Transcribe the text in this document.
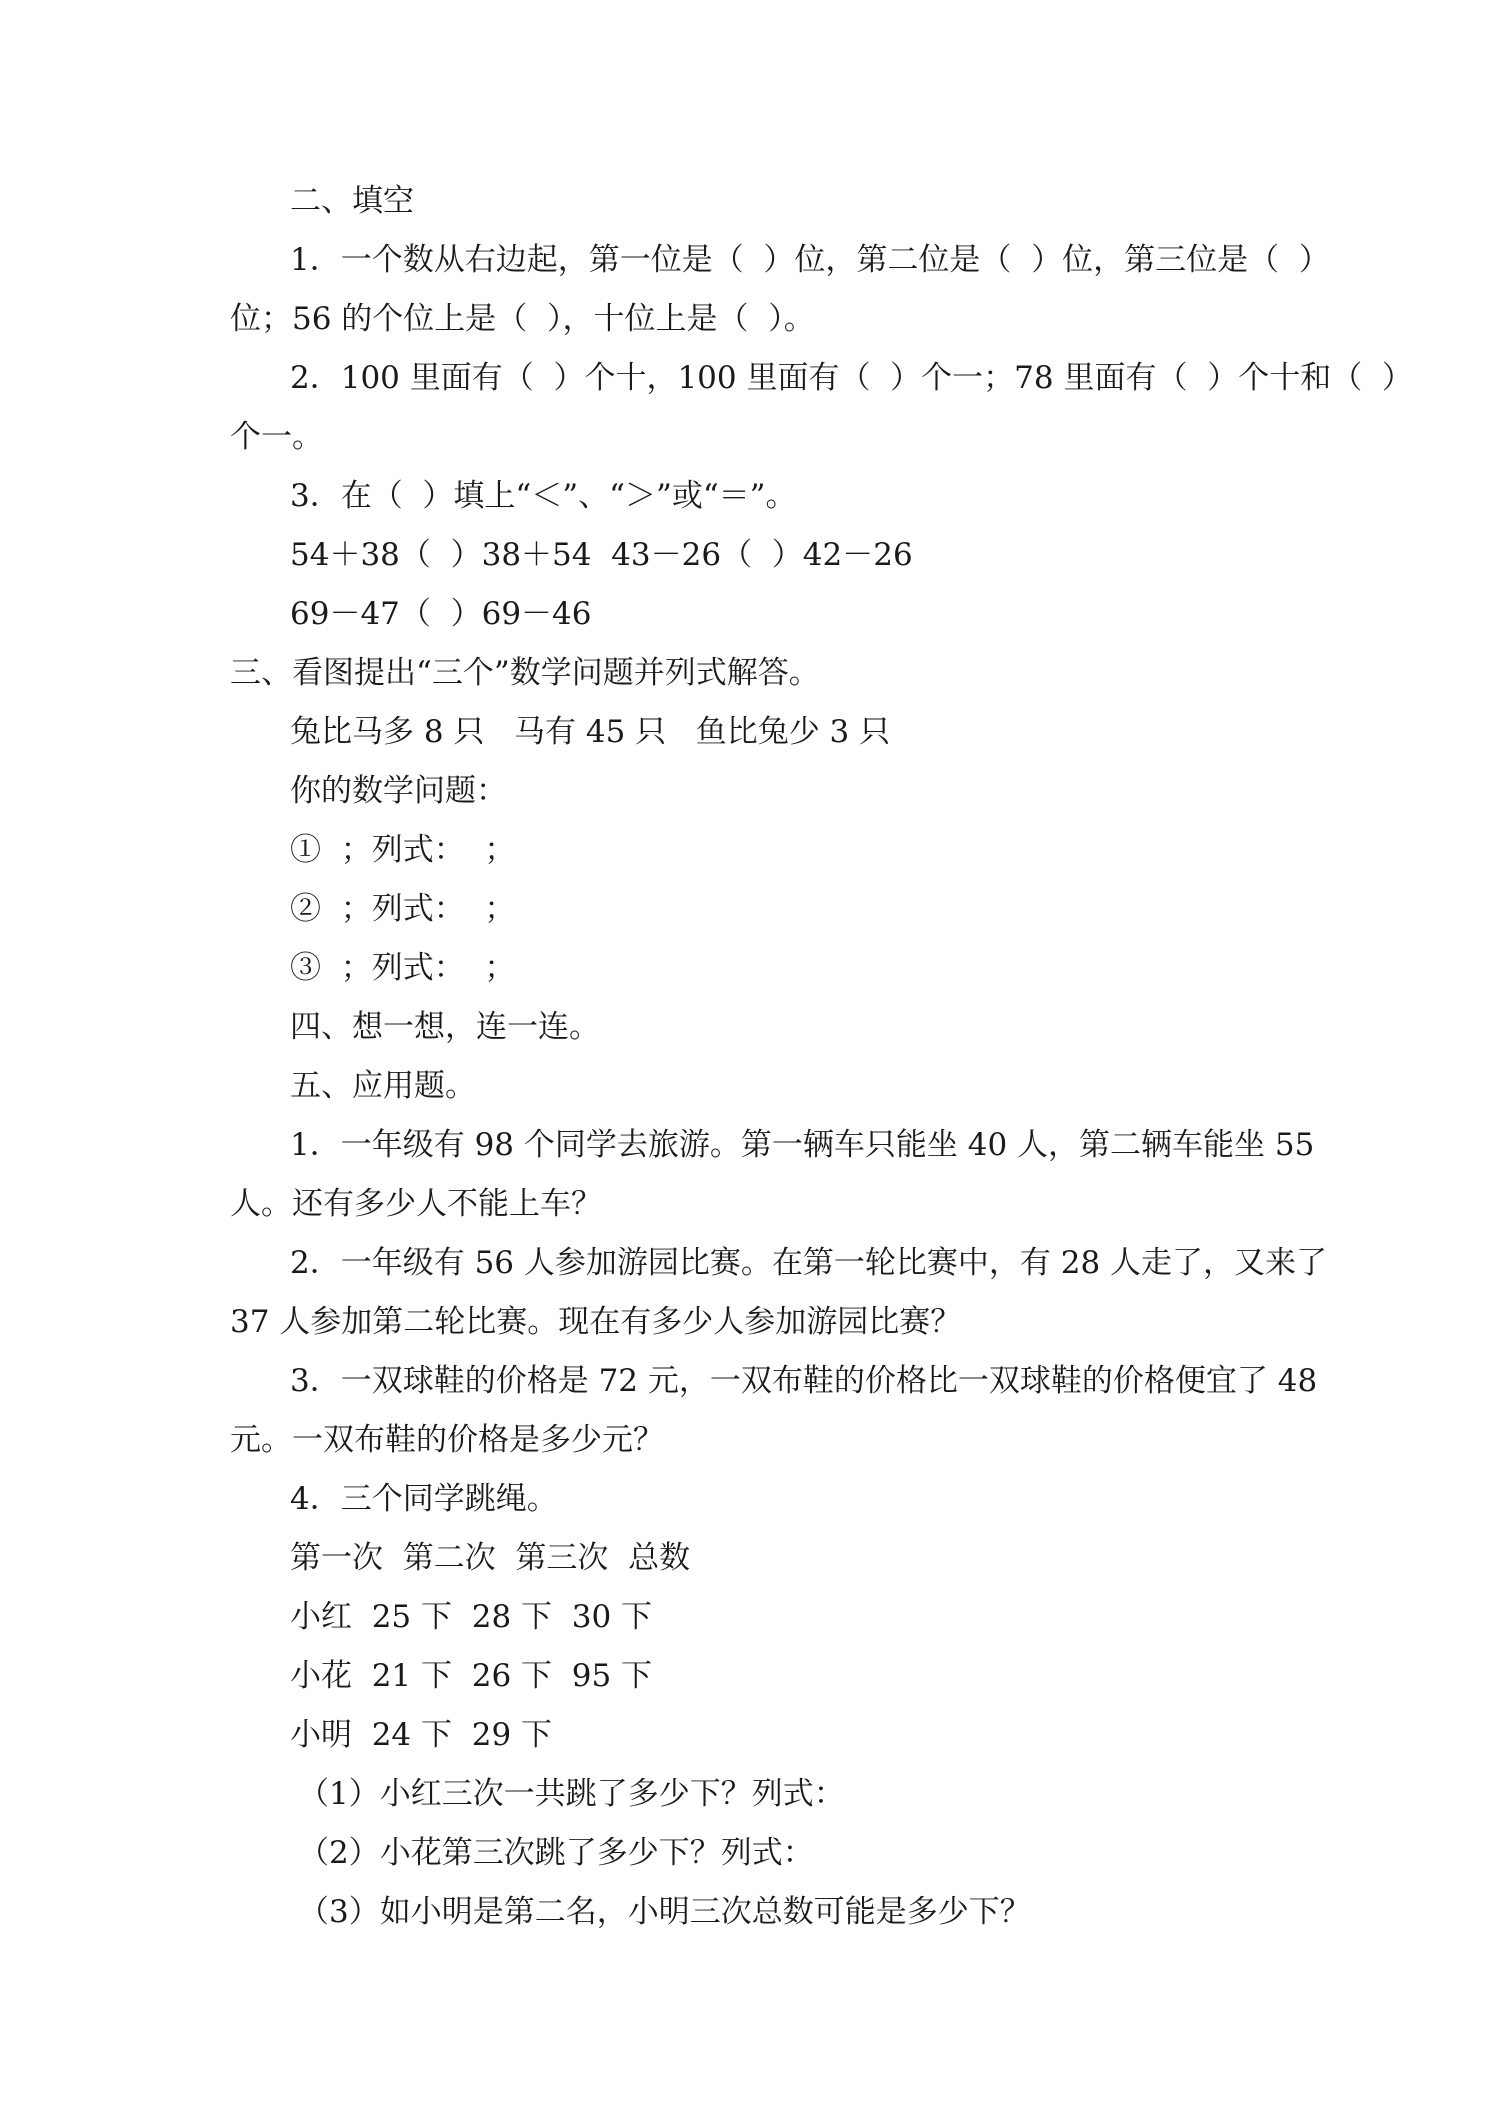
二、填空
1．一个数从右边起，第一位是（  ）位，第二位是（  ）位，第三位是（  ）
位；56 的个位上是（  ），十位上是（  ）。
2．100 里面有（  ）个十，100 里面有（  ）个一；78 里面有（  ）个十和（  ）
个一。
3．在（  ）填上“＜”、“＞”或“＝”。
54＋38（  ）38＋54  43－26（  ）42－26
69－47（  ）69－46
三、看图提出“三个”数学问题并列式解答。
兔比马多 8 只   马有 45 只   鱼比兔少 3 只
你的数学问题：
①  ；列式：  ；
②  ；列式：  ；
③  ；列式：  ；
四、想一想，连一连。
五、应用题。
1．一年级有 98 个同学去旅游。第一辆车只能坐 40 人，第二辆车能坐 55
人。还有多少人不能上车？
2．一年级有 56 人参加游园比赛。在第一轮比赛中，有 28 人走了，又来了
37 人参加第二轮比赛。现在有多少人参加游园比赛？
3．一双球鞋的价格是 72 元，一双布鞋的价格比一双球鞋的价格便宜了 48
元。一双布鞋的价格是多少元？
4．三个同学跳绳。
第一次  第二次  第三次  总数
小红  25 下  28 下  30 下
小花  21 下  26 下  95 下
小明  24 下  29 下
（1）小红三次一共跳了多少下？列式：
（2）小花第三次跳了多少下？列式：
（3）如小明是第二名，小明三次总数可能是多少下？
